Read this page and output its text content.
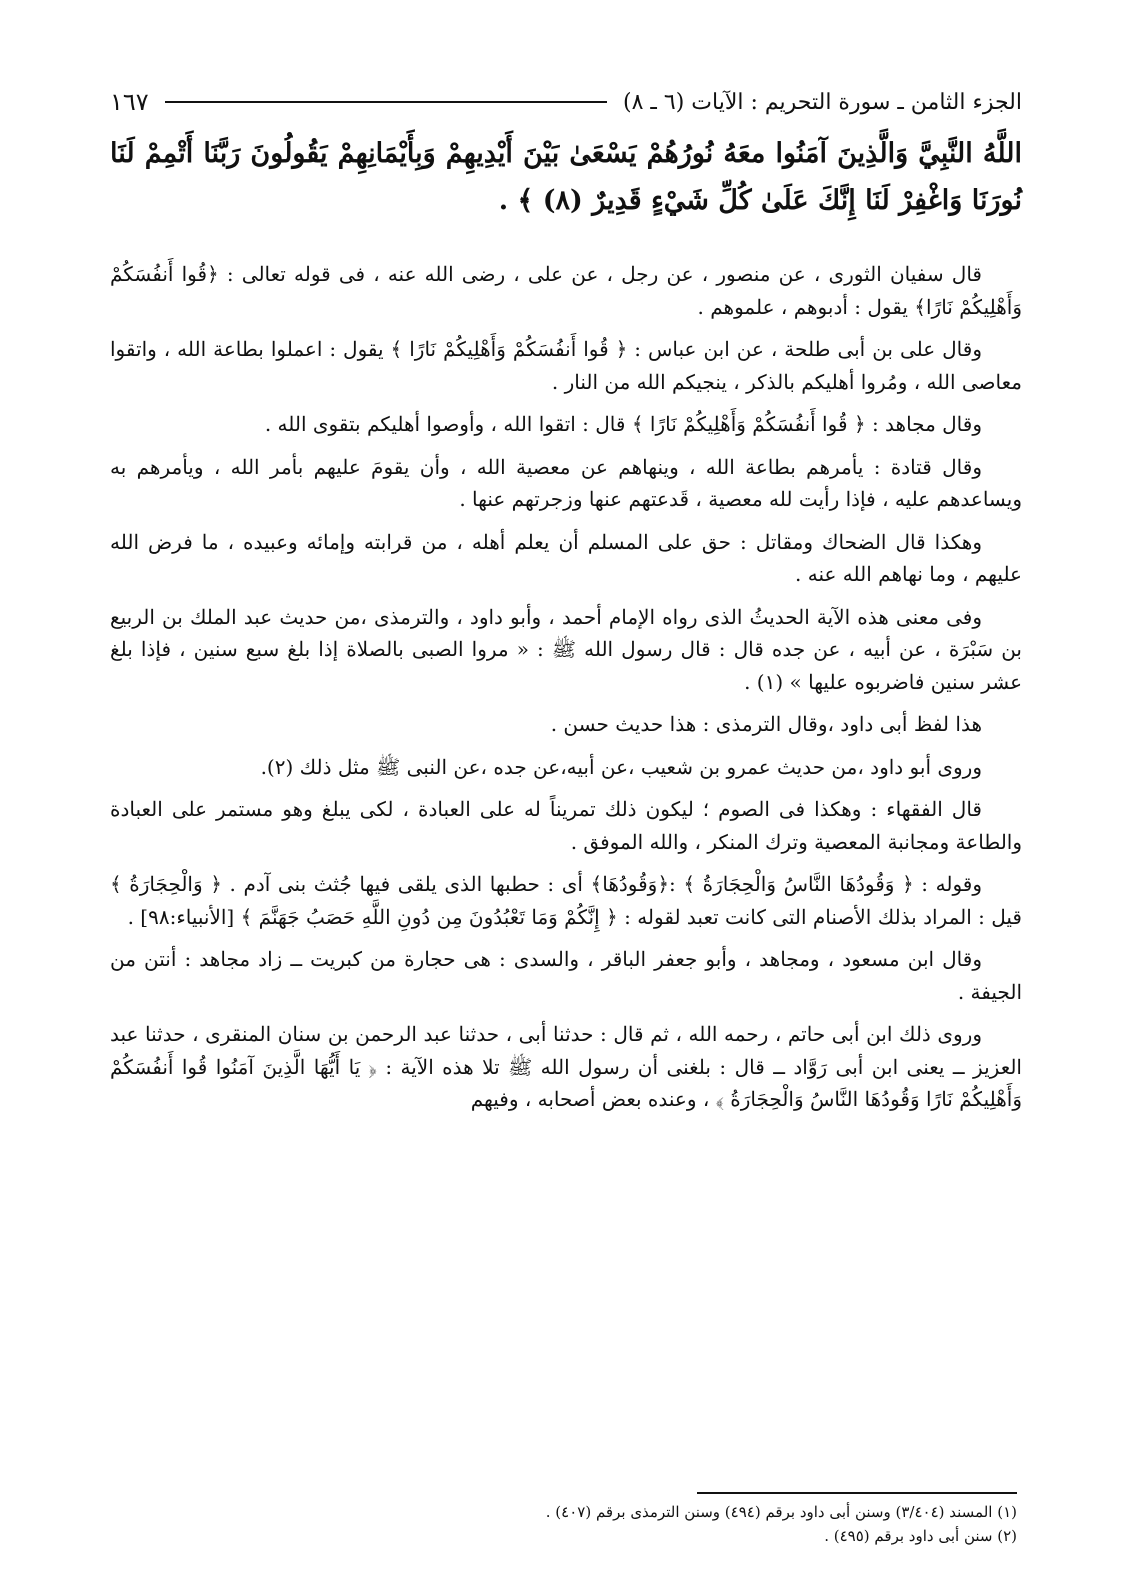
الجزء الثامن ـ سورة التحريم : الآيات (٦ ـ ٨)
١٦٧
اللَّهُ النَّبِيَّ وَالَّذِينَ آمَنُوا معَهُ نُورُهُمْ يَسْعَىٰ بَيْنَ أَيْدِيهِمْ وَبِأَيْمَانِهِمْ يَقُولُونَ رَبَّنَا أَتْمِمْ لَنَا نُورَنَا وَاغْفِرْ لَنَا إِنَّكَ عَلَىٰ كُلِّ شَيْءٍ قَدِيرٌ (٨) ﴾ .

قال سفيان الثورى ، عن منصور ، عن رجل ، عن على ، رضى الله عنه ، فى قوله تعالى : ﴿قُوا أَنفُسَكُمْ وَأَهْلِيكُمْ نَارًا﴾ يقول : أدبوهم ، علموهم .

وقال على بن أبى طلحة ، عن ابن عباس : ﴿ قُوا أَنفُسَكُمْ وَأَهْلِيكُمْ نَارًا ﴾ يقول : اعملوا بطاعة الله ، واتقوا معاصى الله ، ومُروا أهليكم بالذكر ، ينجيكم الله من النار .

وقال مجاهد : ﴿ قُوا أَنفُسَكُمْ وَأَهْلِيكُمْ نَارًا ﴾ قال : اتقوا الله ، وأوصوا أهليكم بتقوى الله .

وقال قتادة : يأمرهم بطاعة الله ، وينهاهم عن معصية الله ، وأن يقومَ عليهم بأمر الله ، ويأمرهم به ويساعدهم عليه ، فإذا رأيت لله معصية ، قَدعتهم عنها وزجرتهم عنها .

وهكذا قال الضحاك ومقاتل : حق على المسلم أن يعلم أهله ، من قرابته وإمائه وعبيده ، ما فرض الله عليهم ، وما نهاهم الله عنه .

وفى معنى هذه الآية الحديثُ الذى رواه الإمام أحمد ، وأبو داود ، والترمذى ،من حديث عبد الملك بن الربيع بن سَبْرَة ، عن أبيه ، عن جده قال : قال رسول الله ﷺ : « مروا الصبى بالصلاة إذا بلغ سبع سنين ، فإذا بلغ عشر سنين فاضربوه عليها » (١) .

هذا لفظ أبى داود ،وقال الترمذى : هذا حديث حسن .

وروى أبو داود ،من حديث عمرو بن شعيب ،عن أبيه،عن جده ،عن النبى ﷺ مثل ذلك (٢).

قال الفقهاء : وهكذا فى الصوم ؛ ليكون ذلك تمريناً له على العبادة ، لكى يبلغ وهو مستمر على العبادة والطاعة ومجانبة المعصية وترك المنكر ، والله الموفق .

وقوله : ﴿ وَقُودُهَا النَّاسُ وَالْحِجَارَةُ ﴾ :﴿وَقُودُهَا﴾ أى : حطبها الذى يلقى فيها جُثث بنى آدم . ﴿ وَالْحِجَارَةُ ﴾ قيل : المراد بذلك الأصنام التى كانت تعبد لقوله : ﴿ إِنَّكُمْ وَمَا تَعْبُدُونَ مِن دُونِ اللَّهِ حَصَبُ جَهَنَّمَ ﴾ [الأنبياء:٩٨] .

وقال ابن مسعود ، ومجاهد ، وأبو جعفر الباقر ، والسدى : هى حجارة من كبريت ــ زاد مجاهد : أنتن من الجيفة .

وروى ذلك ابن أبى حاتم ، رحمه الله ، ثم قال : حدثنا أبى ، حدثنا عبد الرحمن بن سنان المنقرى ، حدثنا عبد العزيز ــ يعنى ابن أبى رَوَّاد ــ قال : بلغنى أن رسول الله ﷺ تلا هذه الآية : ﴿ يَا أَيُّهَا الَّذِينَ آمَنُوا قُوا أَنفُسَكُمْ وَأَهْلِيكُمْ نَارًا وَقُودُهَا النَّاسُ وَالْحِجَارَةُ ﴾ ، وعنده بعض أصحابه ، وفيهم

(١) المسند (٣/٤٠٤) وسنن أبى داود برقم (٤٩٤) وسنن الترمذى برقم (٤٠٧) .
(٢) سنن أبى داود برقم (٤٩٥) .
